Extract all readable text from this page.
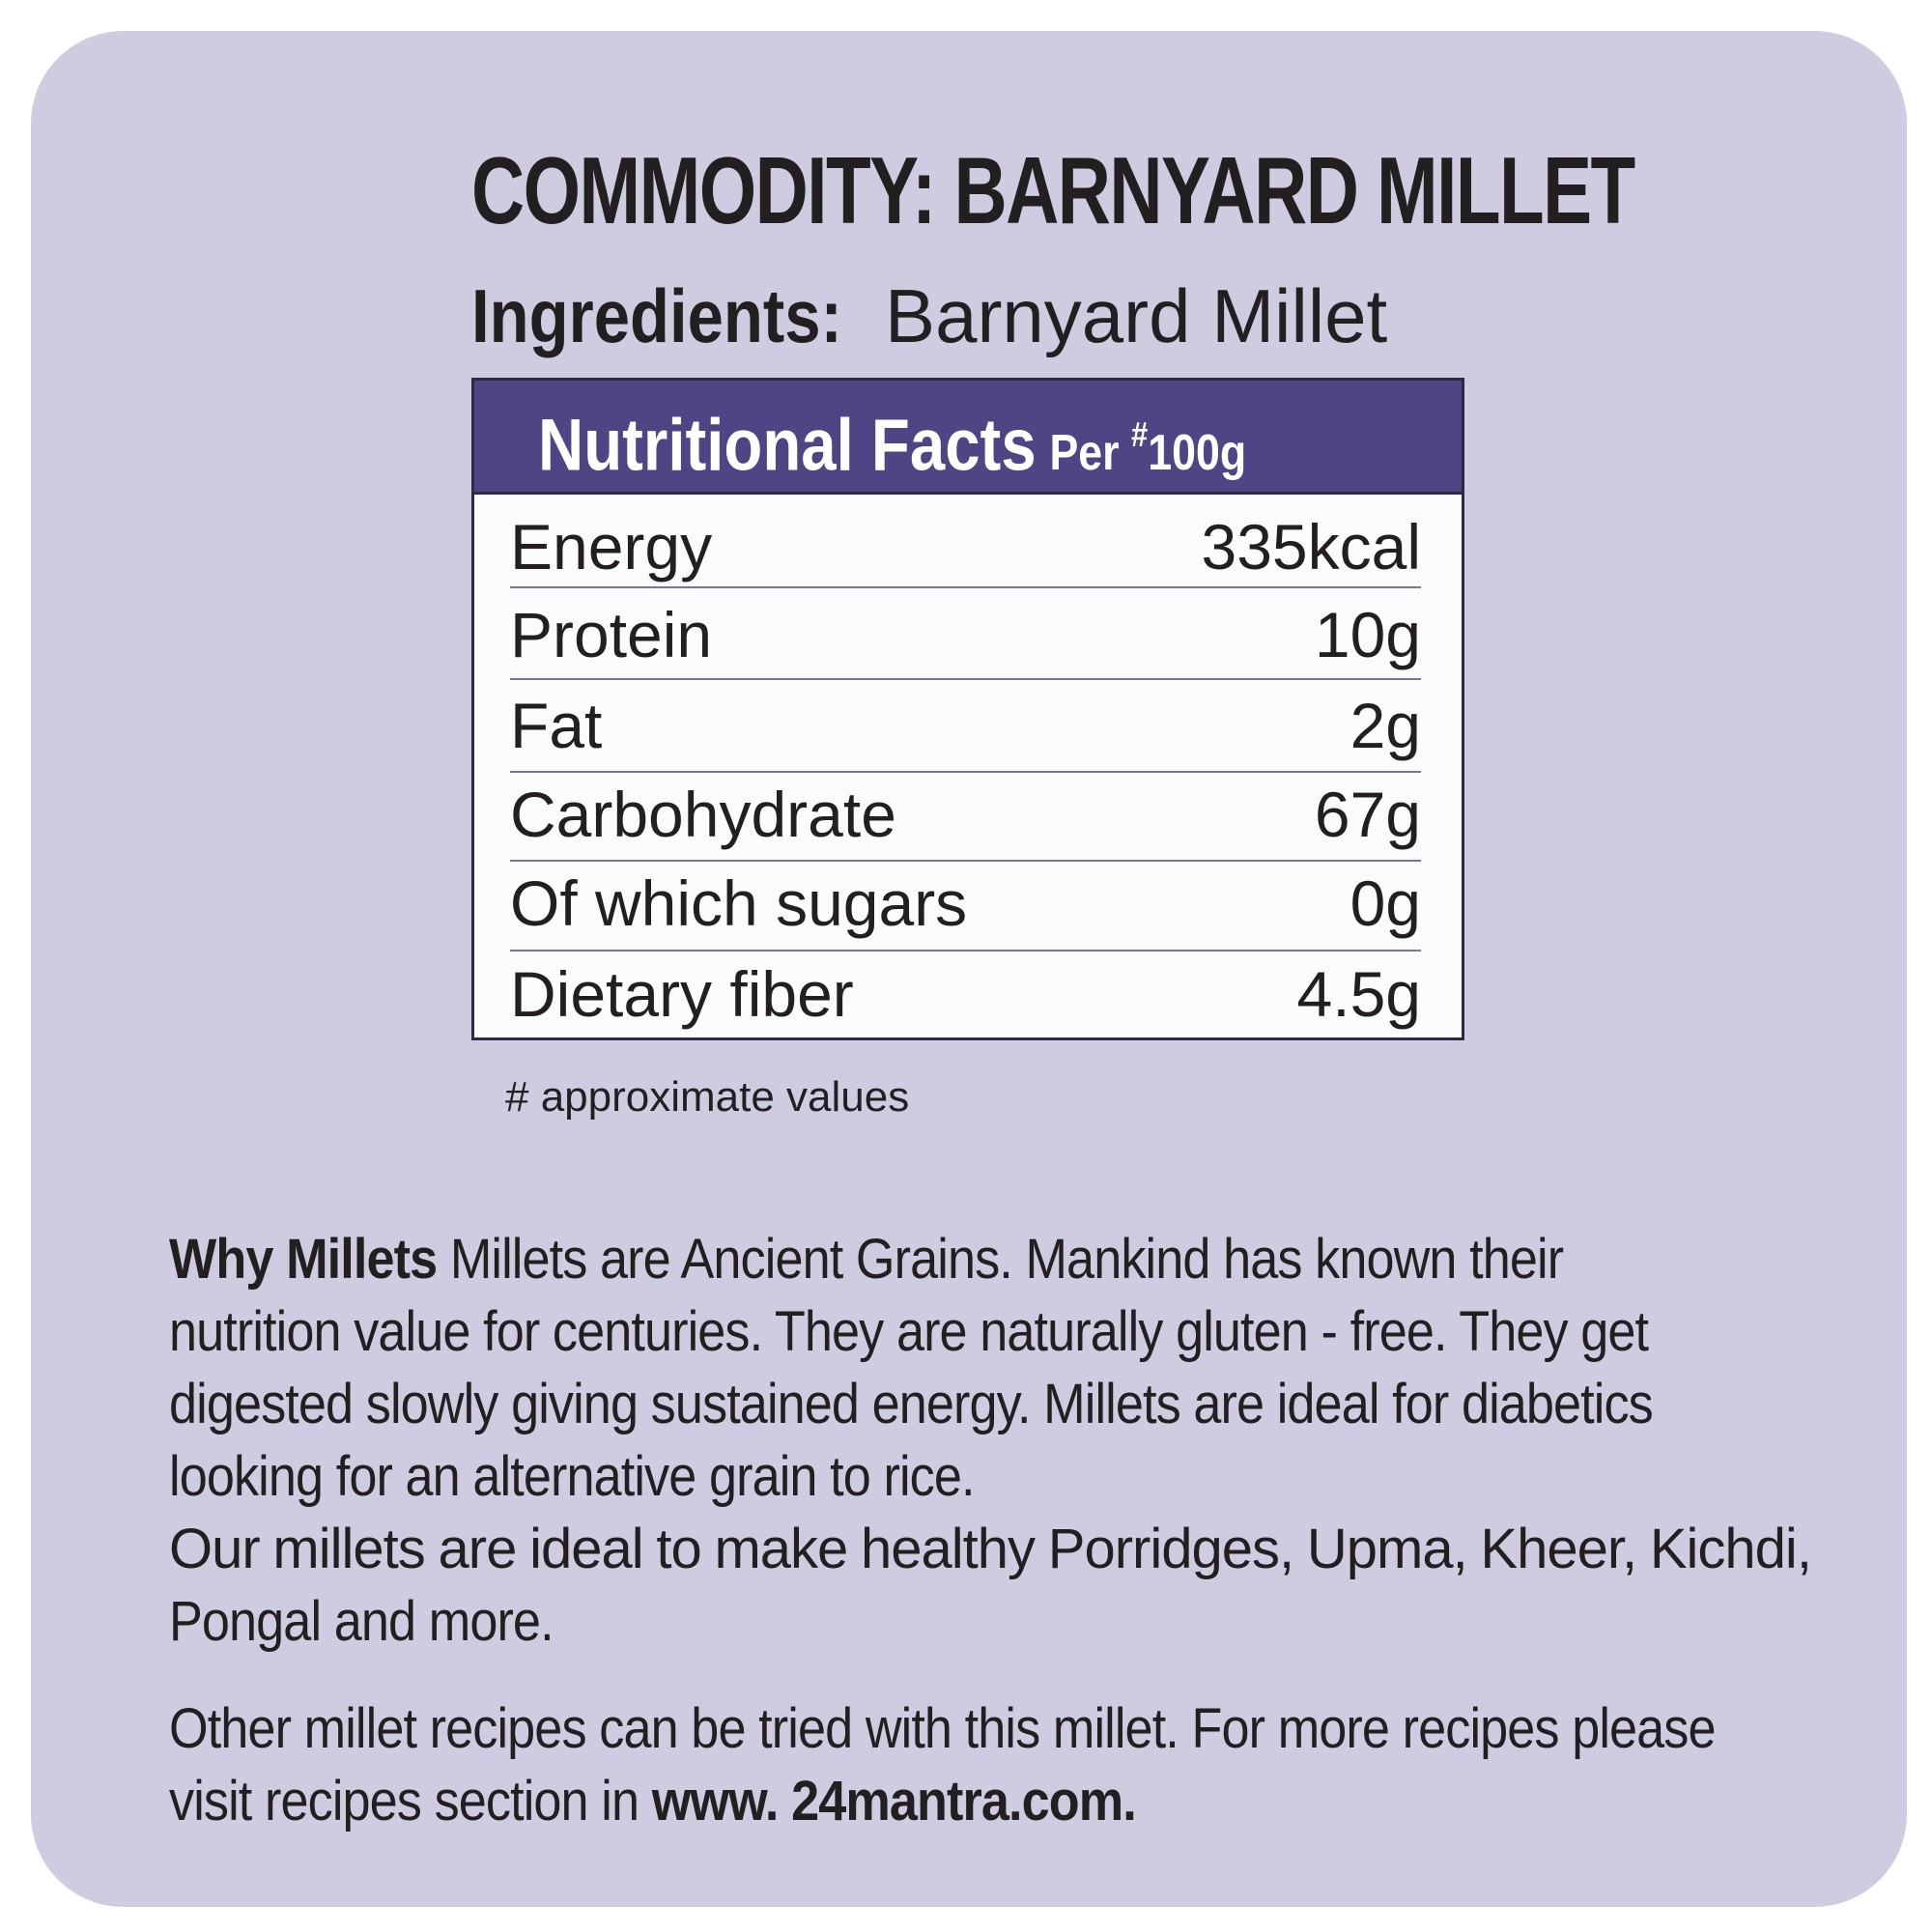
COMMODITY: BARNYARD MILLET
Ingredients: Barnyard Millet
Nutritional Facts Per #100g
Energy	335kcal
Protein	10g
Fat	2g
Carbohydrate	67g
Of which sugars	0g
Dietary fiber	4.5g
# approximate values
Why Millets Millets are Ancient Grains. Mankind has known their
nutrition value for centuries. They are naturally gluten - free. They get
digested slowly giving sustained energy. Millets are ideal for diabetics
looking for an alternative grain to rice.
Our millets are ideal to make healthy Porridges, Upma, Kheer, Kichdi,
Pongal and more.
Other millet recipes can be tried with this millet. For more recipes please
visit recipes section in www. 24mantra.com.
